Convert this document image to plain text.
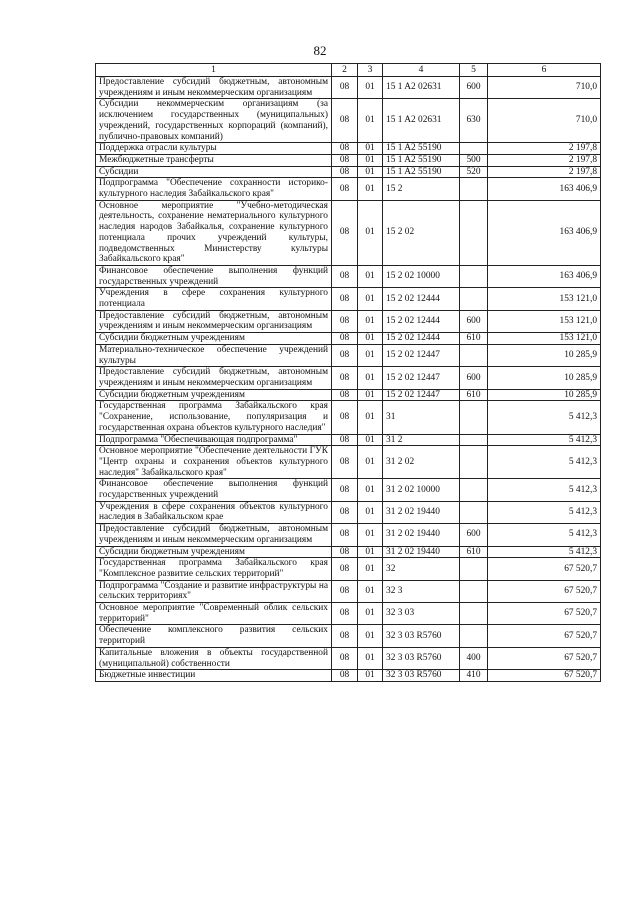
82
1	2	3	4	5	6
Предоставление субсидий бюджетным, автономным учреждениям и иным некоммерческим организациям	08	01	15 1 A2 02631	600	710,0
Субсидии некоммерческим организациям (за исключением государственных (муниципальных) учреждений, государственных корпораций (компаний), публично-правовых компаний)	08	01	15 1 A2 02631	630	710,0
Поддержка отрасли культуры	08	01	15 1 A2 55190		2 197,8
Межбюджетные трансферты	08	01	15 1 A2 55190	500	2 197,8
Субсидии	08	01	15 1 A2 55190	520	2 197,8
Подпрограмма "Обеспечение сохранности историко-культурного наследия Забайкальского края"	08	01	15 2		163 406,9
Основное мероприятие "Учебно-методическая деятельность, сохранение нематериального культурного наследия народов Забайкалья, сохранение культурного потенциала прочих учреждений культуры, подведомственных Министерству культуры Забайкальского края"	08	01	15 2 02		163 406,9
Финансовое обеспечение выполнения функций государственных учреждений	08	01	15 2 02 10000		163 406,9
Учреждения в сфере сохранения культурного потенциала	08	01	15 2 02 12444		153 121,0
Предоставление субсидий бюджетным, автономным учреждениям и иным некоммерческим организациям	08	01	15 2 02 12444	600	153 121,0
Субсидии бюджетным учреждениям	08	01	15 2 02 12444	610	153 121,0
Материально-техническое обеспечение учреждений культуры	08	01	15 2 02 12447		10 285,9
Предоставление субсидий бюджетным, автономным учреждениям и иным некоммерческим организациям	08	01	15 2 02 12447	600	10 285,9
Субсидии бюджетным учреждениям	08	01	15 2 02 12447	610	10 285,9
Государственная программа Забайкальского края "Сохранение, использование, популяризация и государственная охрана объектов культурного наследия"	08	01	31		5 412,3
Подпрограмма "Обеспечивающая подпрограмма"	08	01	31 2		5 412,3
Основное мероприятие "Обеспечение деятельности ГУК "Центр охраны и сохранения объектов культурного наследия" Забайкальского края"	08	01	31 2 02		5 412,3
Финансовое обеспечение выполнения функций государственных учреждений	08	01	31 2 02 10000		5 412,3
Учреждения в сфере сохранения объектов культурного наследия в Забайкальском крае	08	01	31 2 02 19440		5 412,3
Предоставление субсидий бюджетным, автономным учреждениям и иным некоммерческим организациям	08	01	31 2 02 19440	600	5 412,3
Субсидии бюджетным учреждениям	08	01	31 2 02 19440	610	5 412,3
Государственная программа Забайкальского края "Комплексное развитие сельских территорий"	08	01	32		67 520,7
Подпрограмма "Создание и развитие инфраструктуры на сельских территориях"	08	01	32 3		67 520,7
Основное мероприятие "Современный облик сельских территорий"	08	01	32 3 03		67 520,7
Обеспечение комплексного развития сельских территорий	08	01	32 3 03 R5760		67 520,7
Капитальные вложения в объекты государственной (муниципальной) собственности	08	01	32 3 03 R5760	400	67 520,7
Бюджетные инвестиции	08	01	32 3 03 R5760	410	67 520,7
